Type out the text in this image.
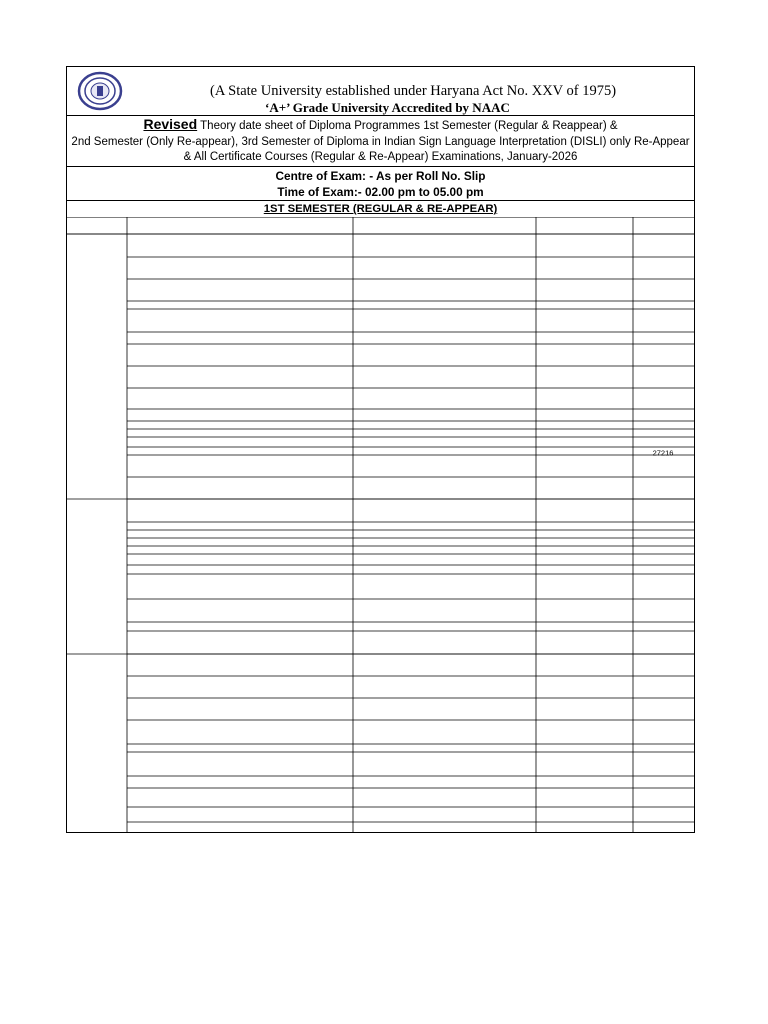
(A State University established under Haryana Act No. XXV of 1975)
‘A+’ Grade University Accredited by NAAC
Revised Theory date sheet of Diploma Programmes 1st Semester (Regular & Reappear) &
2nd Semester (Only Re-appear), 3rd Semester of Diploma in Indian Sign Language Interpretation (DISLI) only Re-Appear
& All Certificate Courses (Regular & Re-Appear) Examinations, January-2026
Centre of Exam: - As per Roll No. Slip
Time of Exam:- 02.00 pm to 05.00 pm
1ST SEMESTER (REGULAR & RE-APPEAR)
27216
